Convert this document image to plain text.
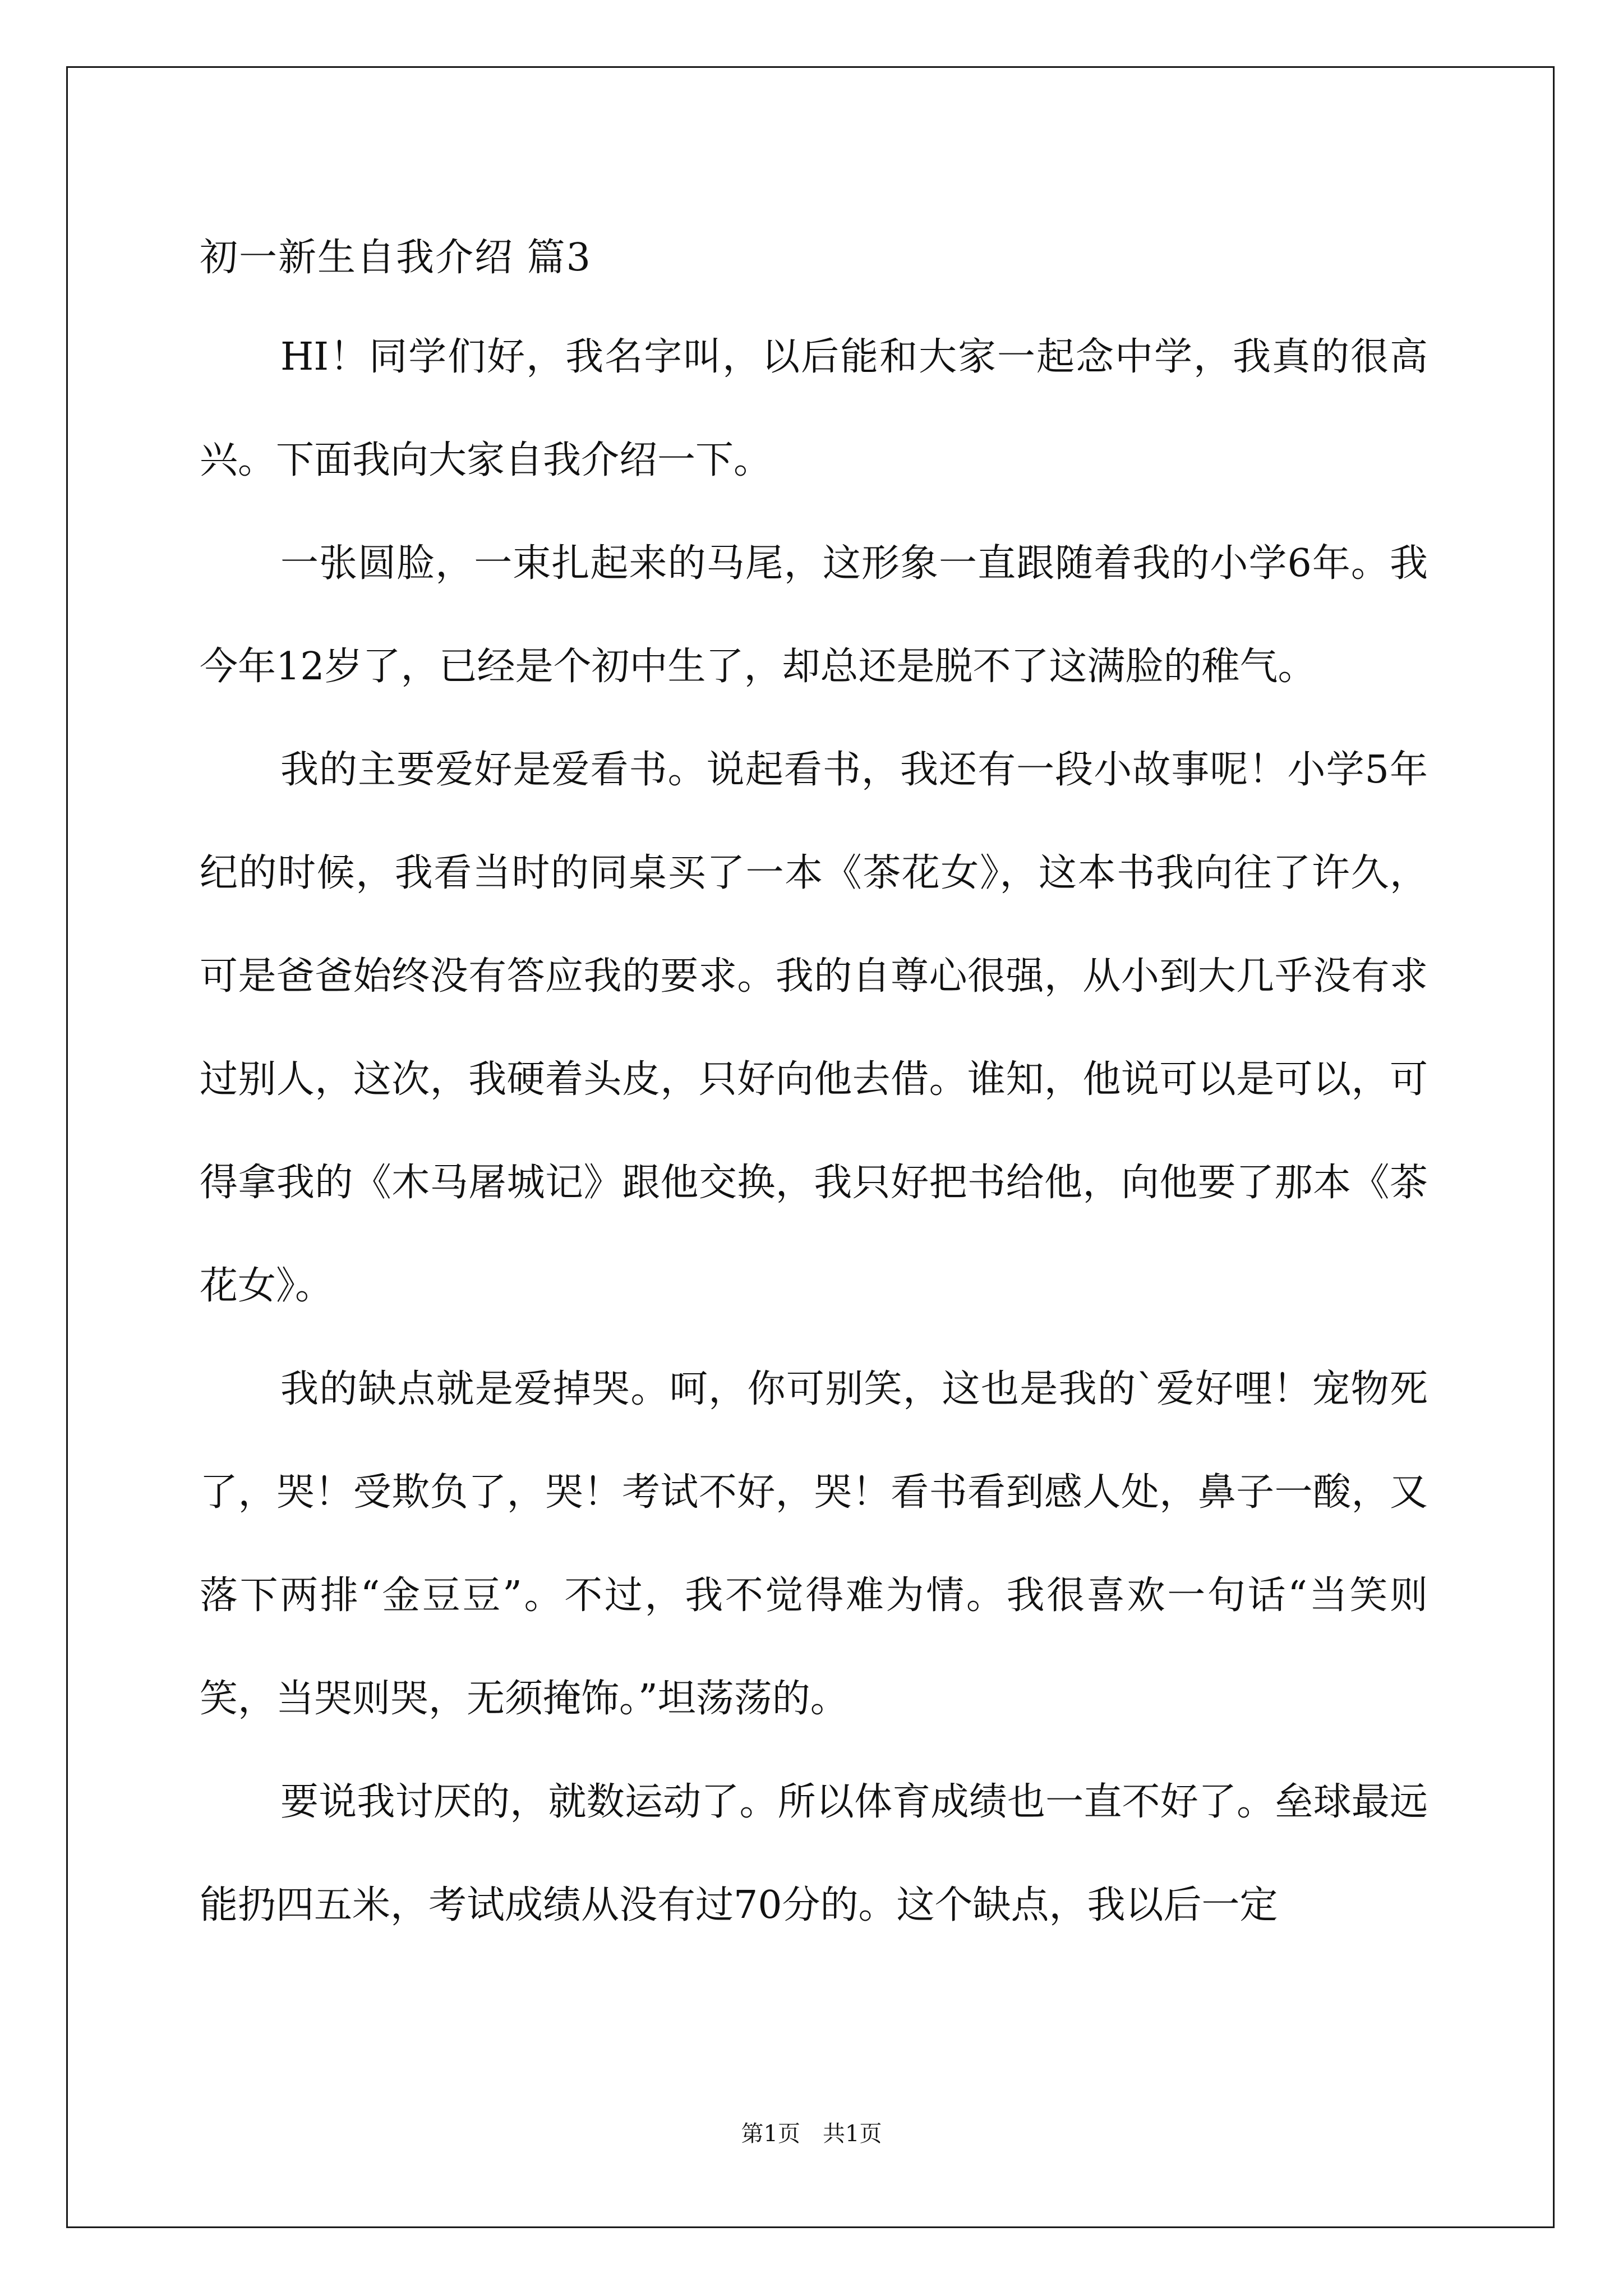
初一新生自我介绍 篇3

HI！同学们好，我名字叫，以后能和大家一起念中学，我真的很高兴。下面我向大家自我介绍一下。

一张圆脸，一束扎起来的马尾，这形象一直跟随着我的小学6年。我今年12岁了，已经是个初中生了，却总还是脱不了这满脸的稚气。

我的主要爱好是爱看书。说起看书，我还有一段小故事呢！小学5年纪的时候，我看当时的同桌买了一本《茶花女》，这本书我向往了许久，可是爸爸始终没有答应我的要求。我的自尊心很强，从小到大几乎没有求过别人，这次，我硬着头皮，只好向他去借。谁知，他说可以是可以，可得拿我的《木马屠城记》跟他交换，我只好把书给他，向他要了那本《茶花女》。

我的缺点就是爱掉哭。呵，你可别笑，这也是我的`爱好哩！宠物死了，哭！受欺负了，哭！考试不好，哭！看书看到感人处，鼻子一酸，又落下两排“金豆豆”。不过，我不觉得难为情。我很喜欢一句话“当笑则笑，当哭则哭，无须掩饰。”坦荡荡的。

要说我讨厌的，就数运动了。所以体育成绩也一直不好了。垒球最远能扔四五米，考试成绩从没有过70分的。这个缺点，我以后一定

第1页　共1页
